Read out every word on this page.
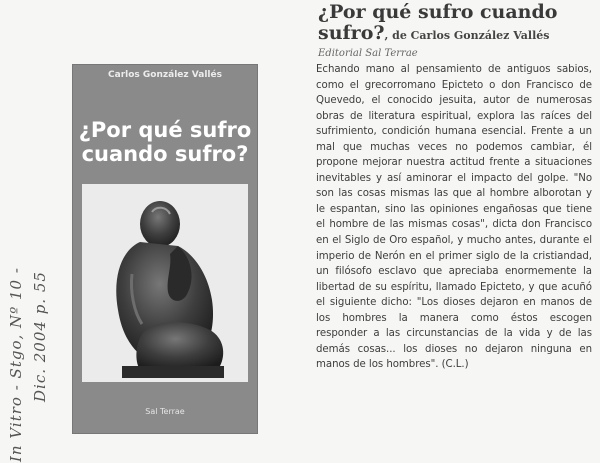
In Vitro - Stgo, Nº 10 - Dic. 2004 p. 55
Carlos González Vallés
¿Por qué sufro
cuando sufro?
Sal Terrae
¿Por qué sufro cuando
sufro?, de Carlos González Vallés
Editorial Sal Terrae
Echando mano al pensamiento de antiguos sabios, como el grecorromano Epicteto o don Francisco de Quevedo, el conocido jesuita, autor de numerosas obras de literatura espiritual, explora las raíces del sufrimiento, condición humana esencial. Frente a un mal que muchas veces no podemos cambiar, él propone mejorar nuestra actitud frente a situaciones inevitables y así aminorar el impacto del golpe. "No son las cosas mismas las que al hombre alborotan y le espantan, sino las opiniones engañosas que tiene el hombre de las mismas cosas", dicta don Francisco en el Siglo de Oro español, y mucho antes, durante el imperio de Nerón en el primer siglo de la cristiandad, un filósofo esclavo que apreciaba enormemente la libertad de su espíritu, llamado Epicteto, y que acuñó el siguiente dicho: "Los dioses dejaron en manos de los hombres la manera como éstos escogen responder a las circunstancias de la vida y de las demás cosas... los dioses no dejaron ninguna en manos de los hombres". (C.L.)
